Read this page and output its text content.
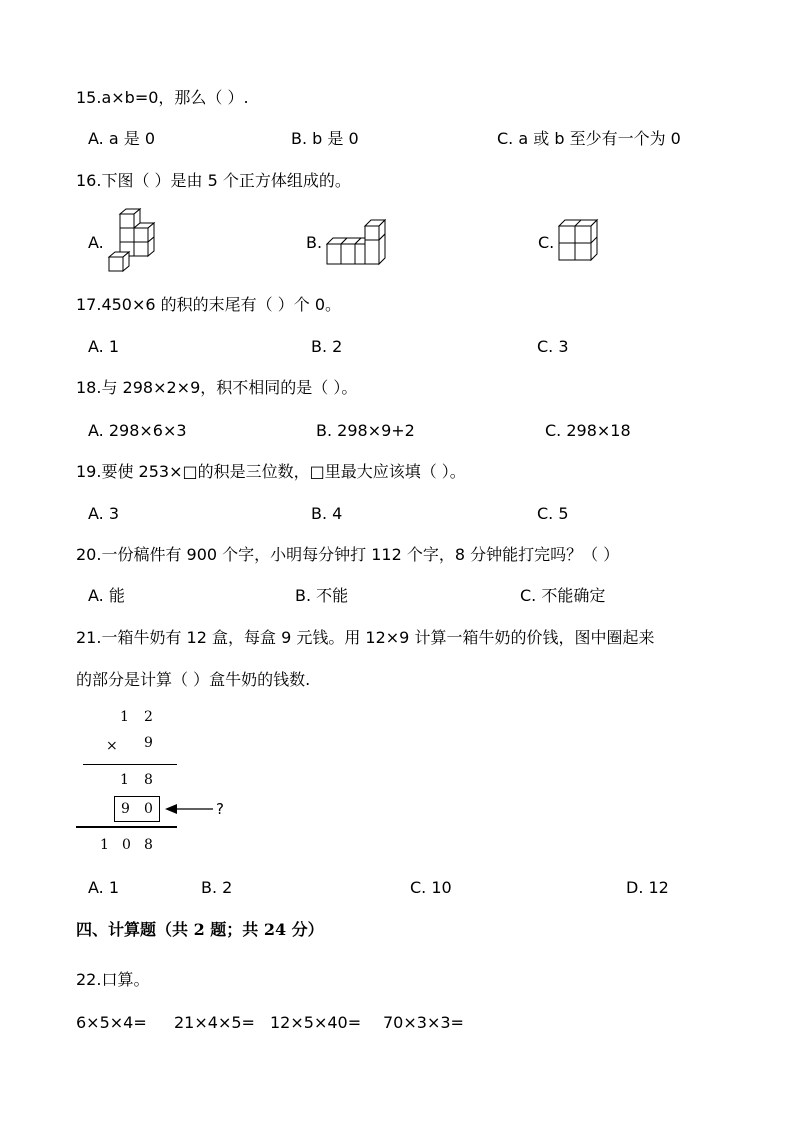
15.a×b=0，那么（ ）.
A. a 是 0	B. b 是 0	C. a 或 b 至少有一个为 0
16.下图（ ）是由 5 个正方体组成的。
A.	B.	C.
17.450×6 的积的末尾有（ ）个 0。
A. 1	B. 2	C. 3
18.与 298×2×9，积不相同的是（ ）。
A. 298×6×3	B. 298×9+2	C. 298×18
19.要使 253×□的积是三位数，□里最大应该填（ ）。
A. 3	B. 4	C. 5
20.一份稿件有 900 个字，小明每分钟打 112 个字，8 分钟能打完吗？（ ）
A. 能	B. 不能	C. 不能确定
21.一箱牛奶有 12 盒，每盒 9 元钱。用 12×9 计算一箱牛奶的价钱，图中圈起来
的部分是计算（ ）盒牛奶的钱数.
1 2
× 9
1 8
9 0	?
1 0 8
A. 1	B. 2	C. 10	D. 12
四、计算题（共 2 题；共 24 分）
22.口算。
6×5×4= 21×4×5= 12×5×40= 70×3×3=
